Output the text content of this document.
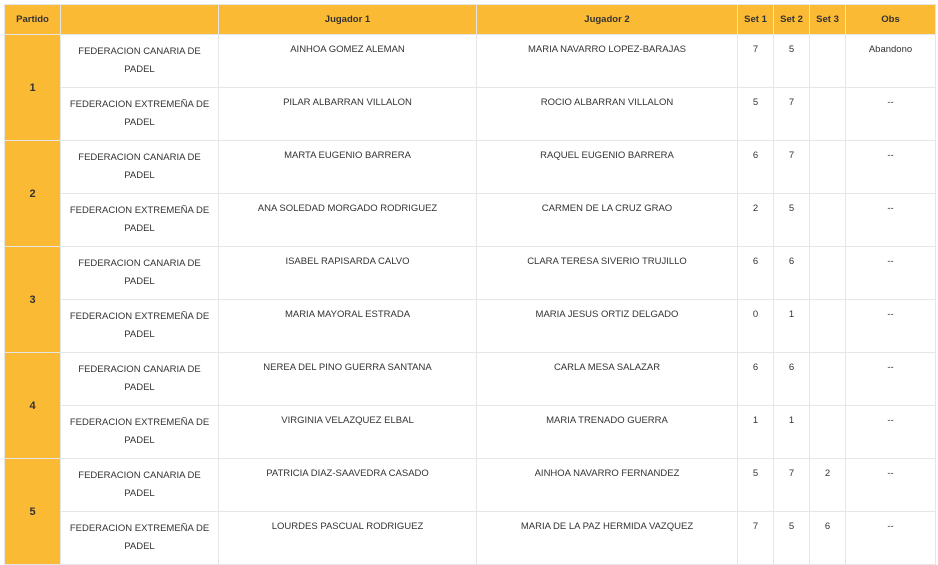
Partido		Jugador 1	Jugador 2	Set 1	Set 2	Set 3	Obs
1	FEDERACION CANARIA DE PADEL	AINHOA GOMEZ ALEMAN	MARIA NAVARRO LOPEZ-BARAJAS	7	5		Abandono
	FEDERACION EXTREMEÑA DE PADEL	PILAR ALBARRAN VILLALON	ROCIO ALBARRAN VILLALON	5	7		--
2	FEDERACION CANARIA DE PADEL	MARTA EUGENIO BARRERA	RAQUEL EUGENIO BARRERA	6	7		--
	FEDERACION EXTREMEÑA DE PADEL	ANA SOLEDAD MORGADO RODRIGUEZ	CARMEN DE LA CRUZ GRAO	2	5		--
3	FEDERACION CANARIA DE PADEL	ISABEL RAPISARDA CALVO	CLARA TERESA SIVERIO TRUJILLO	6	6		--
	FEDERACION EXTREMEÑA DE PADEL	MARIA MAYORAL ESTRADA	MARIA JESUS ORTIZ DELGADO	0	1		--
4	FEDERACION CANARIA DE PADEL	NEREA DEL PINO GUERRA SANTANA	CARLA MESA SALAZAR	6	6		--
	FEDERACION EXTREMEÑA DE PADEL	VIRGINIA VELAZQUEZ ELBAL	MARIA TRENADO GUERRA	1	1		--
5	FEDERACION CANARIA DE PADEL	PATRICIA DIAZ-SAAVEDRA CASADO	AINHOA NAVARRO FERNANDEZ	5	7	2	--
	FEDERACION EXTREMEÑA DE PADEL	LOURDES PASCUAL RODRIGUEZ	MARIA DE LA PAZ HERMIDA VAZQUEZ	7	5	6	--
